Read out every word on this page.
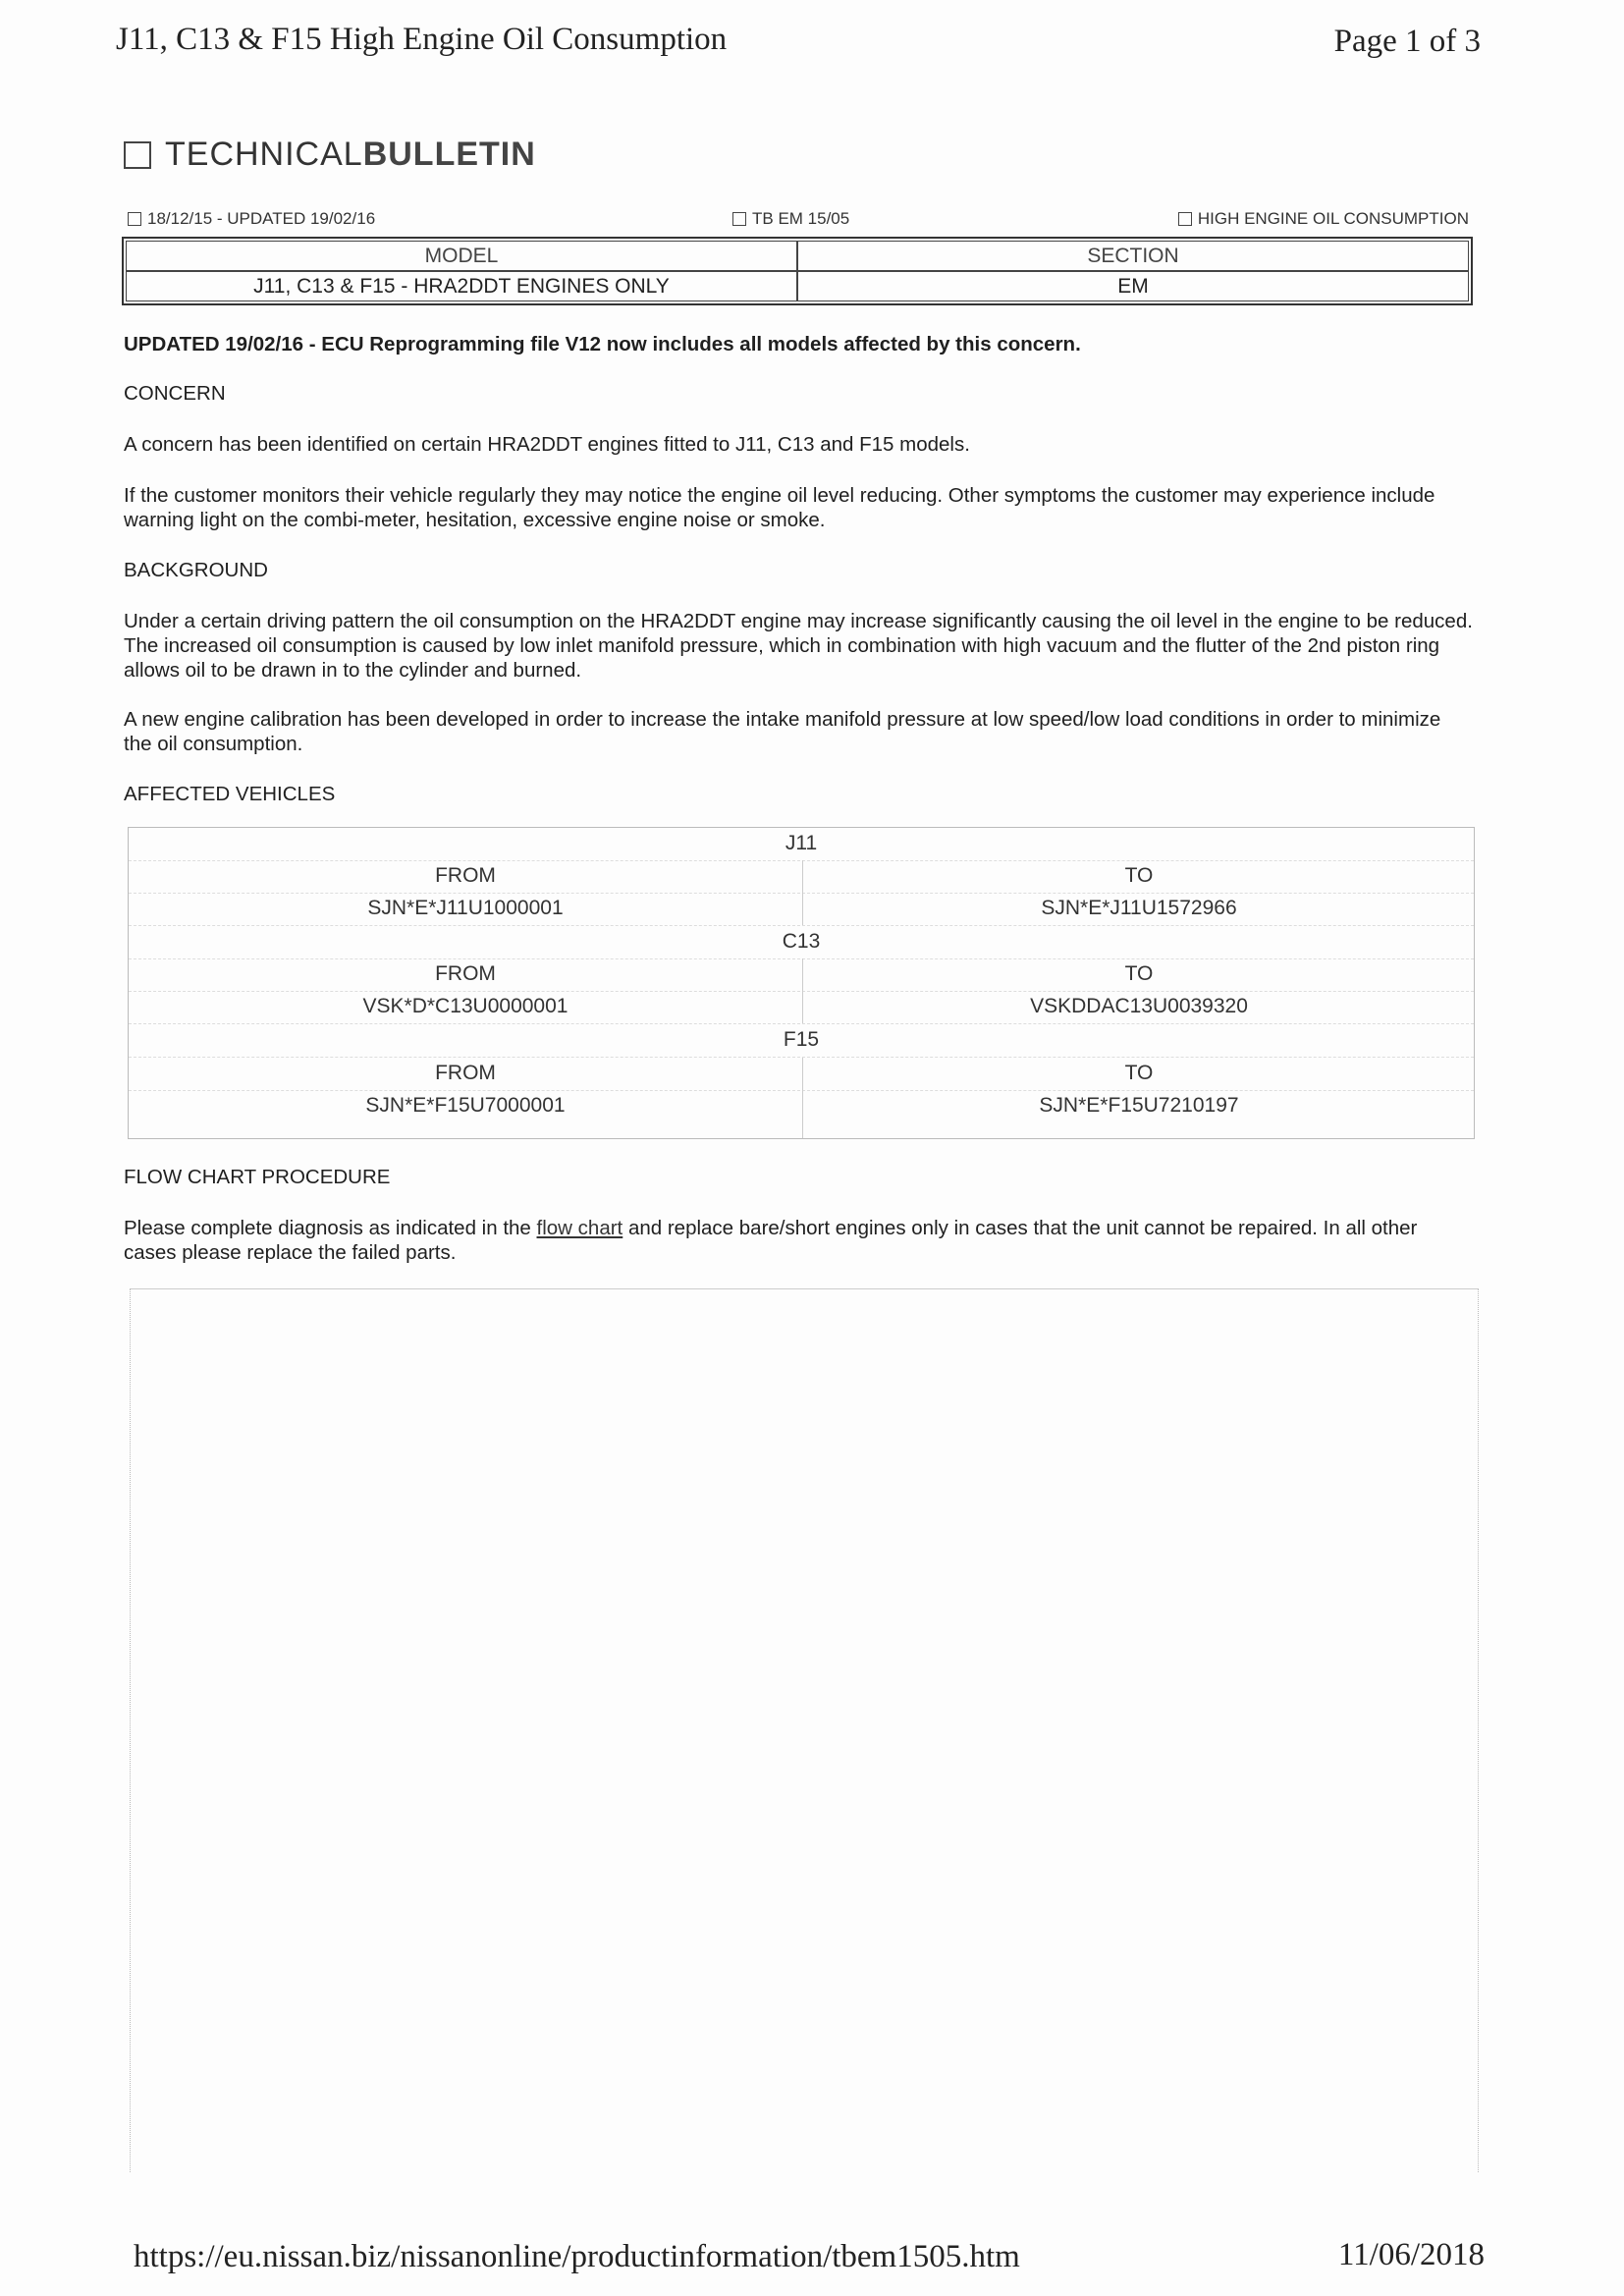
J11, C13 & F15 High Engine Oil Consumption	Page 1 of 3
TECHNICAL BULLETIN
18/12/15 - UPDATED 19/02/16	TB EM 15/05	HIGH ENGINE OIL CONSUMPTION
MODEL	SECTION
J11, C13 & F15 - HRA2DDT ENGINES ONLY	EM
UPDATED 19/02/16 - ECU Reprogramming file V12 now includes all models affected by this concern.
CONCERN
A concern has been identified on certain HRA2DDT engines fitted to J11, C13 and F15 models.
If the customer monitors their vehicle regularly they may notice the engine oil level reducing. Other symptoms the customer may experience include warning light on the combi-meter, hesitation, excessive engine noise or smoke.
BACKGROUND
Under a certain driving pattern the oil consumption on the HRA2DDT engine may increase significantly causing the oil level in the engine to be reduced. The increased oil consumption is caused by low inlet manifold pressure, which in combination with high vacuum and the flutter of the 2nd piston ring allows oil to be drawn in to the cylinder and burned.
A new engine calibration has been developed in order to increase the intake manifold pressure at low speed/low load conditions in order to minimize the oil consumption.
AFFECTED VEHICLES
J11
FROM	TO
SJN*E*J11U1000001	SJN*E*J11U1572966
C13
FROM	TO
VSK*D*C13U0000001	VSKDDAC13U0039320
F15
FROM	TO
SJN*E*F15U7000001	SJN*E*F15U7210197
FLOW CHART PROCEDURE
Please complete diagnosis as indicated in the flow chart and replace bare/short engines only in cases that the unit cannot be repaired. In all other cases please replace the failed parts.
https://eu.nissan.biz/nissanonline/productinformation/tbem1505.htm	11/06/2018
